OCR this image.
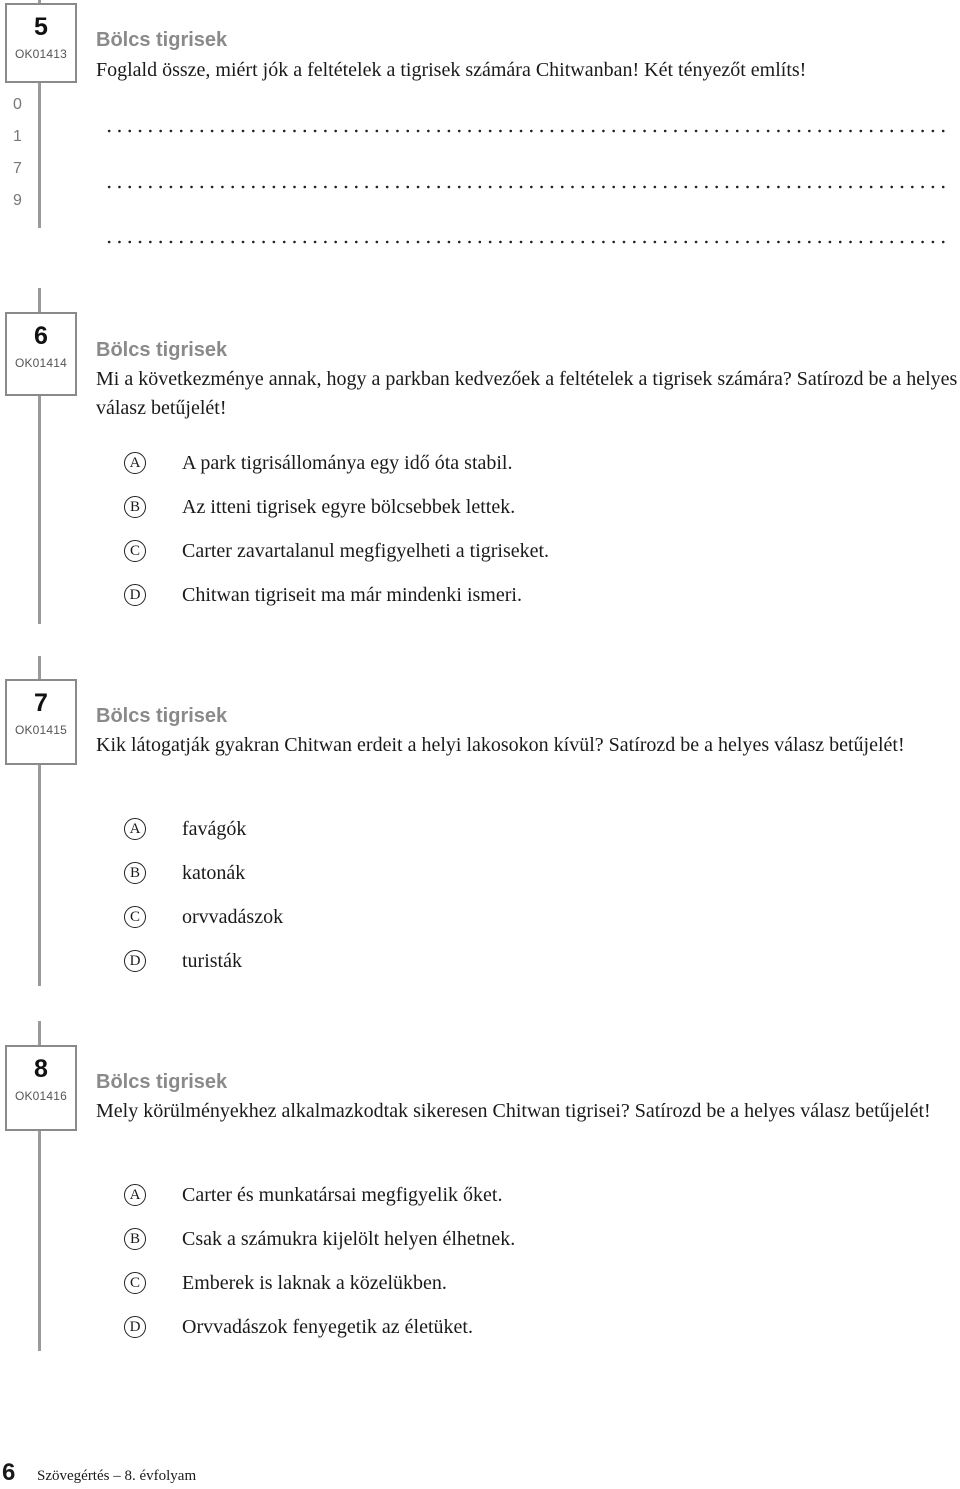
5
OK01413
0
1
7
9
Bölcs tigrisek
Foglald össze, miért jók a feltételek a tigrisek számára Chitwanban! Két tényezőt említs!
6
OK01414
Bölcs tigrisek
Mi a következménye annak, hogy a parkban kedvezőek a feltételek a tigrisek számára? Satírozd be a helyes válasz betűjelét!
A A park tigrisállománya egy idő óta stabil.
B	Az itteni tigrisek egyre bölcsebbek lettek.
C	Carter zavartalanul megfigyelheti a tigriseket.
D Chitwan tigriseit ma már mindenki ismeri.
7
OK01415
Bölcs tigrisek
Kik látogatják gyakran Chitwan erdeit a helyi lakosokon kívül? Satírozd be a helyes válasz betűjelét!
A favágók
B	katonák
C	orvvadászok
D turisták
8
OK01416
Bölcs tigrisek
Mely körülményekhez alkalmazkodtak sikeresen Chitwan tigrisei? Satírozd be a helyes válasz betűjelét!
A Carter és munkatársai megfigyelik őket.
B	Csak a számukra kijelölt helyen élhetnek.
C	Emberek is laknak a közelükben.
D Orvvadászok fenyegetik az életüket.
6 Szövegértés – 8. évfolyam
